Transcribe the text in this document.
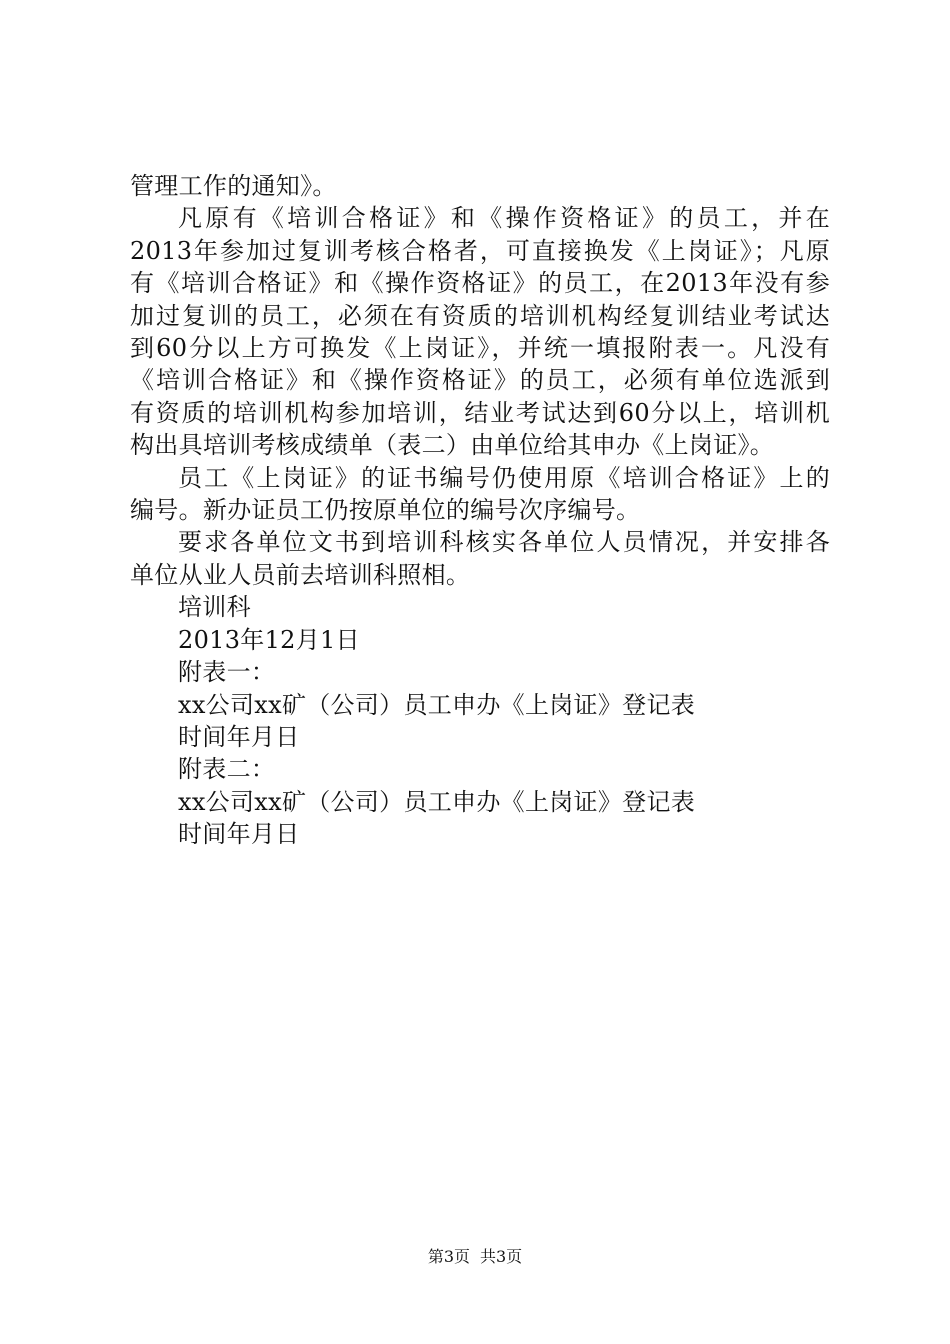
管理工作的通知》。
凡原有《培训合格证》和《操作资格证》的员工，并在
2013年参加过复训考核合格者，可直接换发《上岗证》；凡原
有《培训合格证》和《操作资格证》的员工，在2013年没有参
加过复训的员工，必须在有资质的培训机构经复训结业考试达
到60分以上方可换发《上岗证》，并统一填报附表一。凡没有
《培训合格证》和《操作资格证》的员工，必须有单位选派到
有资质的培训机构参加培训，结业考试达到60分以上，培训机
构出具培训考核成绩单（表二）由单位给其申办《上岗证》。
员工《上岗证》的证书编号仍使用原《培训合格证》上的
编号。新办证员工仍按原单位的编号次序编号。
要求各单位文书到培训科核实各单位人员情况，并安排各
单位从业人员前去培训科照相。
培训科
2013年12月1日
附表一：
xx公司xx矿（公司）员工申办《上岗证》登记表
时间年月日
附表二：
xx公司xx矿（公司）员工申办《上岗证》登记表
时间年月日
第3页 共3页
